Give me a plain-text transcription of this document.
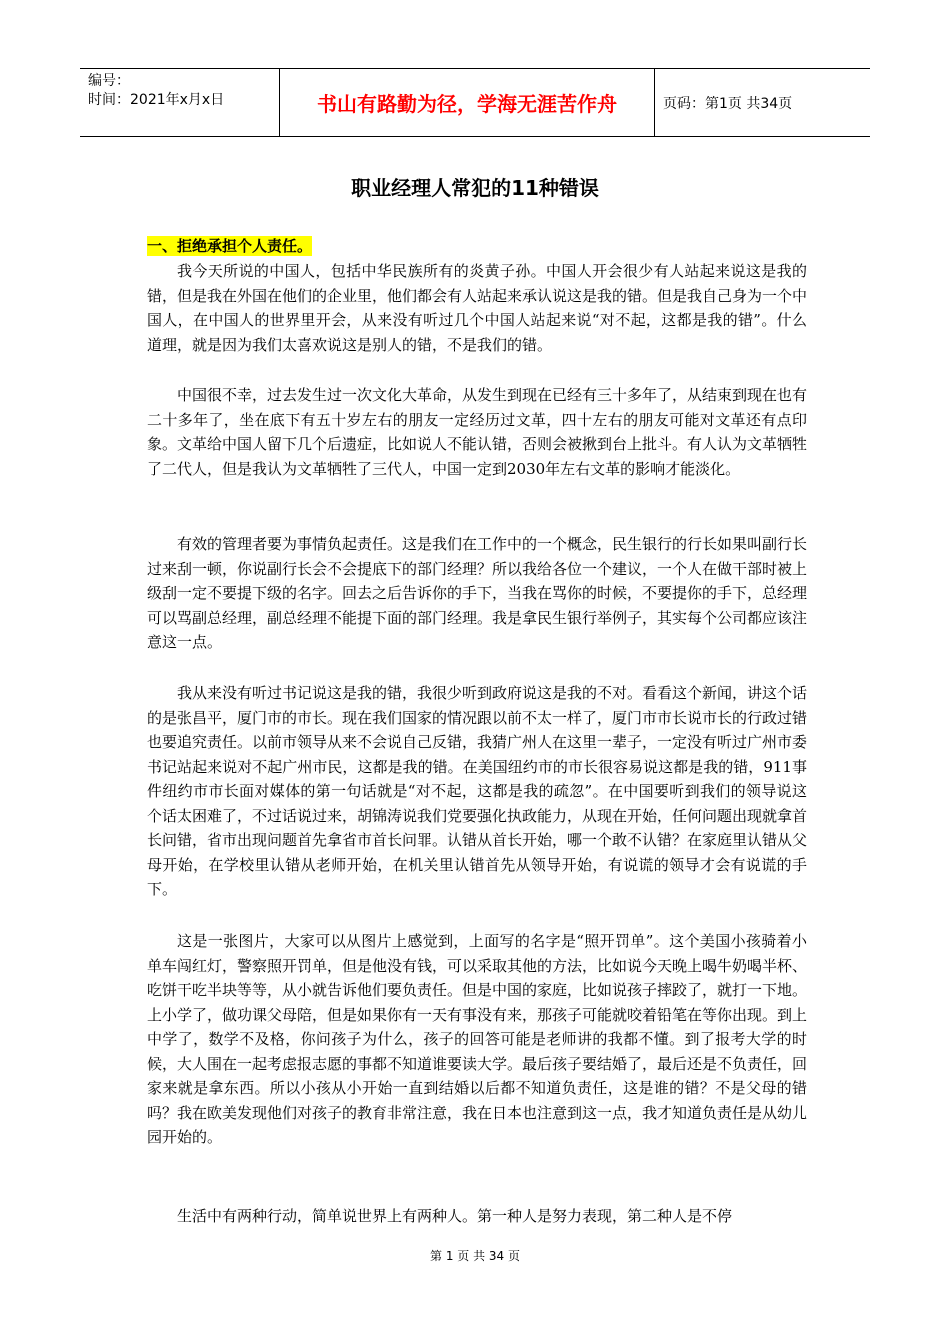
编号：
时间：2021年x月x日	书山有路勤为径，学海无涯苦作舟	页码：第1页 共34页
职业经理人常犯的11种错误
一、拒绝承担个人责任。

我今天所说的中国人，包括中华民族所有的炎黄子孙。中国人开会很少有人站起来说这是我的错，但是我在外国在他们的企业里，他们都会有人站起来承认说这是我的错。但是我自己身为一个中国人，在中国人的世界里开会，从来没有听过几个中国人站起来说“对不起，这都是我的错”。什么道理，就是因为我们太喜欢说这是别人的错，不是我们的错。

中国很不幸，过去发生过一次文化大革命，从发生到现在已经有三十多年了，从结束到现在也有二十多年了，坐在底下有五十岁左右的朋友一定经历过文革，四十左右的朋友可能对文革还有点印象。文革给中国人留下几个后遗症，比如说人不能认错，否则会被揪到台上批斗。有人认为文革牺牲了二代人，但是我认为文革牺牲了三代人，中国一定到2030年左右文革的影响才能淡化。

有效的管理者要为事情负起责任。这是我们在工作中的一个概念，民生银行的行长如果叫副行长过来刮一顿，你说副行长会不会提底下的部门经理？所以我给各位一个建议，一个人在做干部时被上级刮一定不要提下级的名字。回去之后告诉你的手下，当我在骂你的时候，不要提你的手下，总经理可以骂副总经理，副总经理不能提下面的部门经理。我是拿民生银行举例子，其实每个公司都应该注意这一点。

我从来没有听过书记说这是我的错，我很少听到政府说这是我的不对。看看这个新闻，讲这个话的是张昌平，厦门市的市长。现在我们国家的情况跟以前不太一样了，厦门市市长说市长的行政过错也要追究责任。以前市领导从来不会说自己反错，我猜广州人在这里一辈子，一定没有听过广州市委书记站起来说对不起广州市民，这都是我的错。在美国纽约市的市长很容易说这都是我的错，911事件纽约市市长面对媒体的第一句话就是“对不起，这都是我的疏忽”。在中国要听到我们的领导说这个话太困难了，不过话说过来，胡锦涛说我们党要强化执政能力，从现在开始，任何问题出现就拿首长问错，省市出现问题首先拿省市首长问罪。认错从首长开始，哪一个敢不认错？在家庭里认错从父母开始，在学校里认错从老师开始，在机关里认错首先从领导开始，有说谎的领导才会有说谎的手下。

这是一张图片，大家可以从图片上感觉到，上面写的名字是“照开罚单”。这个美国小孩骑着小单车闯红灯，警察照开罚单，但是他没有钱，可以采取其他的方法，比如说今天晚上喝牛奶喝半杯、吃饼干吃半块等等，从小就告诉他们要负责任。但是中国的家庭，比如说孩子摔跤了，就打一下地。上小学了，做功课父母陪，但是如果你有一天有事没有来，那孩子可能就咬着铅笔在等你出现。到上中学了，数学不及格，你问孩子为什么，孩子的回答可能是老师讲的我都不懂。到了报考大学的时候，大人围在一起考虑报志愿的事都不知道谁要读大学。最后孩子要结婚了，最后还是不负责任，回家来就是拿东西。所以小孩从小开始一直到结婚以后都不知道负责任，这是谁的错？不是父母的错吗？我在欧美发现他们对孩子的教育非常注意，我在日本也注意到这一点，我才知道负责任是从幼儿园开始的。

生活中有两种行动，简单说世界上有两种人。第一种人是努力表现，第二种人是不停

第 1 页 共 34 页
